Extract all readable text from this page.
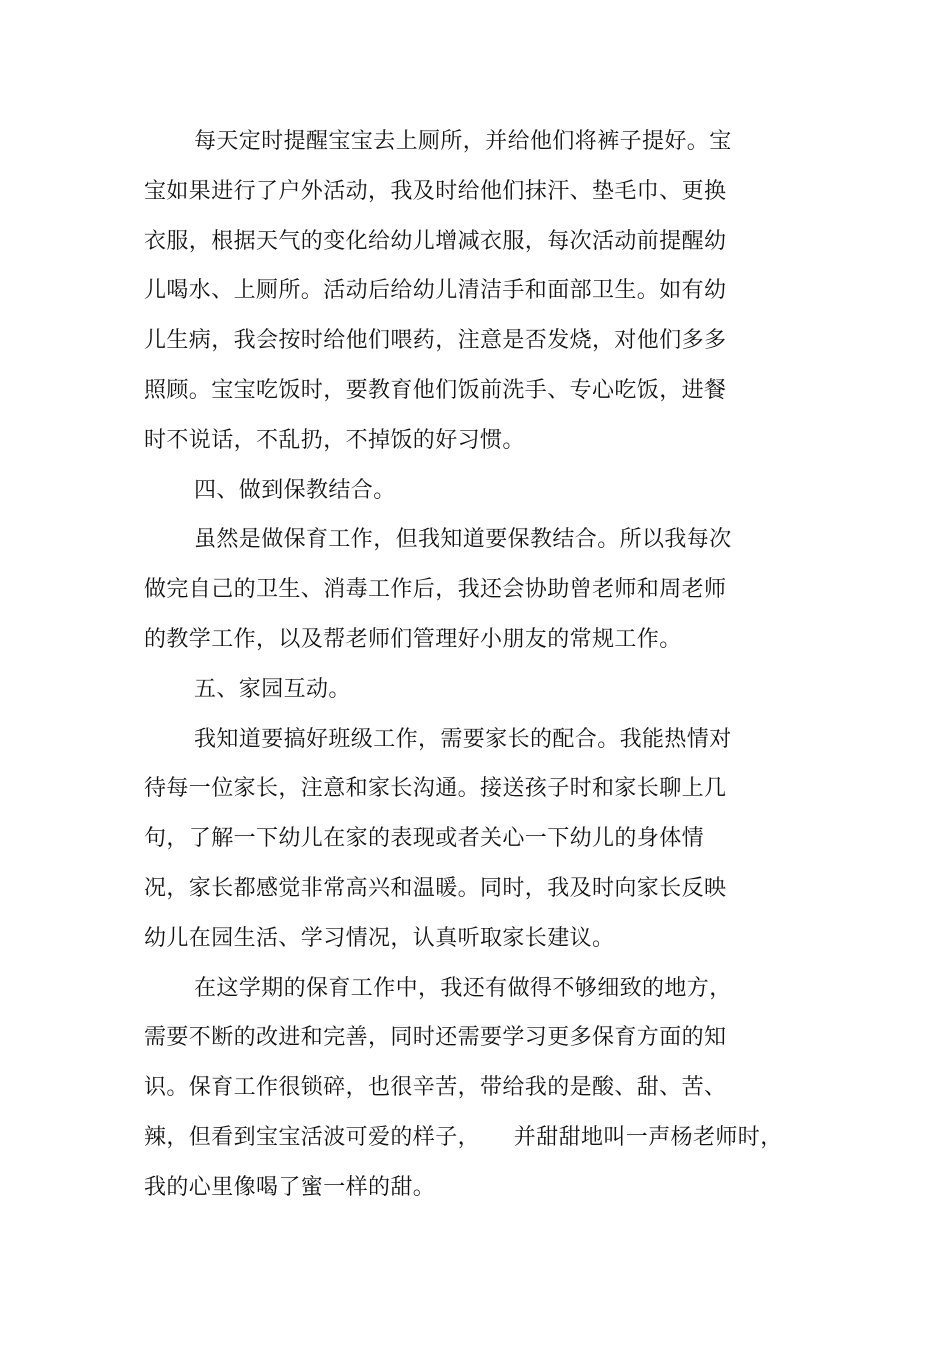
每天定时提醒宝宝去上厕所，并给他们将裤子提好。宝
宝如果进行了户外活动，我及时给他们抹汗、垫毛巾、更换
衣服，根据天气的变化给幼儿增减衣服，每次活动前提醒幼
儿喝水、上厕所。活动后给幼儿清洁手和面部卫生。如有幼
儿生病，我会按时给他们喂药，注意是否发烧，对他们多多
照顾。宝宝吃饭时，要教育他们饭前洗手、专心吃饭，进餐
时不说话，不乱扔，不掉饭的好习惯。
四、做到保教结合。
虽然是做保育工作，但我知道要保教结合。所以我每次
做完自己的卫生、消毒工作后，我还会协助曾老师和周老师
的教学工作，以及帮老师们管理好小朋友的常规工作。
五、家园互动。
我知道要搞好班级工作，需要家长的配合。我能热情对
待每一位家长，注意和家长沟通。接送孩子时和家长聊上几
句，了解一下幼儿在家的表现或者关心一下幼儿的身体情
况，家长都感觉非常高兴和温暖。同时，我及时向家长反映
幼儿在园生活、学习情况，认真听取家长建议。
在这学期的保育工作中，我还有做得不够细致的地方，
需要不断的改进和完善，同时还需要学习更多保育方面的知
识。保育工作很锁碎，也很辛苦，带给我的是酸、甜、苦、
辣，但看到宝宝活波可爱的样子，　　并甜甜地叫一声杨老师时，
我的心里像喝了蜜一样的甜。
